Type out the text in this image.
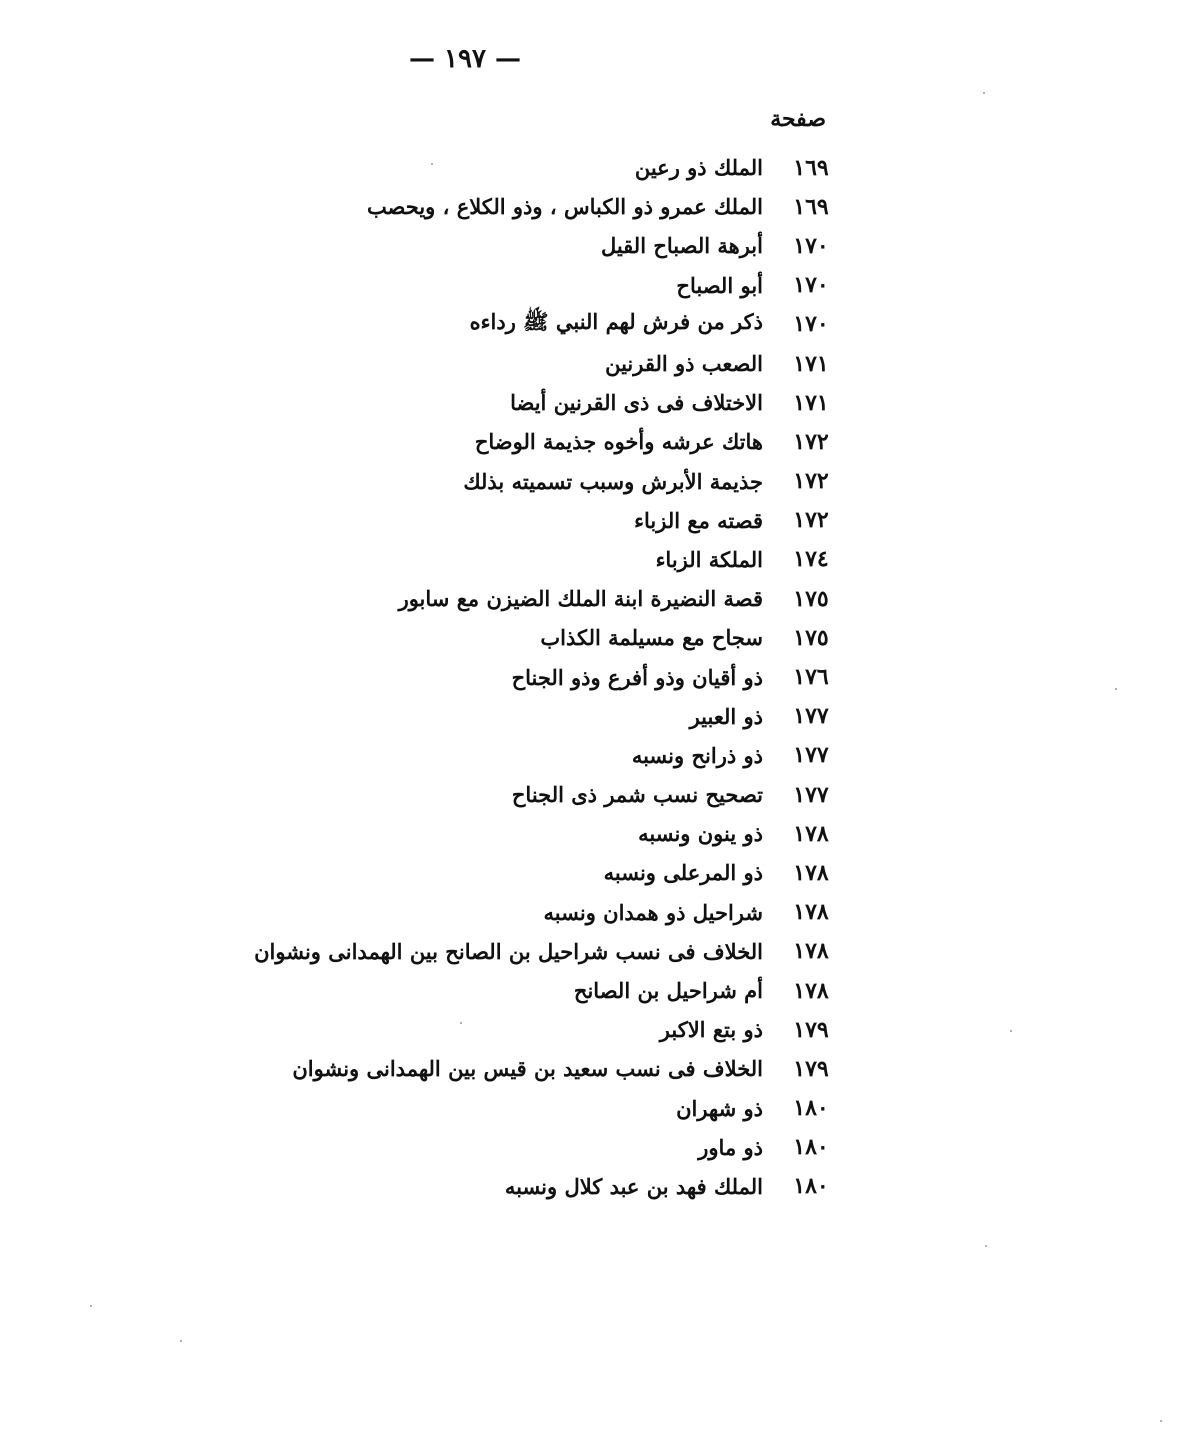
— ١٩٧ —
صفحة
١٦٩
الملك ذو رعين
١٦٩
الملك عمرو ذو الكباس ، وذو الكلاع ، ويحصب
١٧٠
أبرهة الصباح القيل
١٧٠
أبو الصباح
١٧٠
ذكر من فرش لهم النبي ﷺ رداءه
١٧١
الصعب ذو القرنين
١٧١
الاختلاف فى ذى القرنين أيضا
١٧٢
هاتك عرشه وأخوه جذيمة الوضاح
١٧٢
جذيمة الأبرش وسبب تسميته بذلك
١٧٢
قصته مع الزباء
١٧٤
الملكة الزباء
١٧٥
قصة النضيرة ابنة الملك الضيزن مع سابور
١٧٥
سجاح مع مسيلمة الكذاب
١٧٦
ذو أقيان وذو أفرع وذو الجناح
١٧٧
ذو العبير
١٧٧
ذو ذرانح ونسبه
١٧٧
تصحيح نسب شمر ذى الجناح
١٧٨
ذو ينون ونسبه
١٧٨
ذو المرعلى ونسبه
١٧٨
شراحيل ذو همدان ونسبه
١٧٨
الخلاف فى نسب شراحيل بن الصانح بين الهمدانى ونشوان
١٧٨
أم شراحيل بن الصانح
١٧٩
ذو بتع الاكبر
١٧٩
الخلاف فى نسب سعيد بن قيس بين الهمدانى ونشوان
١٨٠
ذو شهران
١٨٠
ذو ماور
١٨٠
الملك فهد بن عبد كلال ونسبه
